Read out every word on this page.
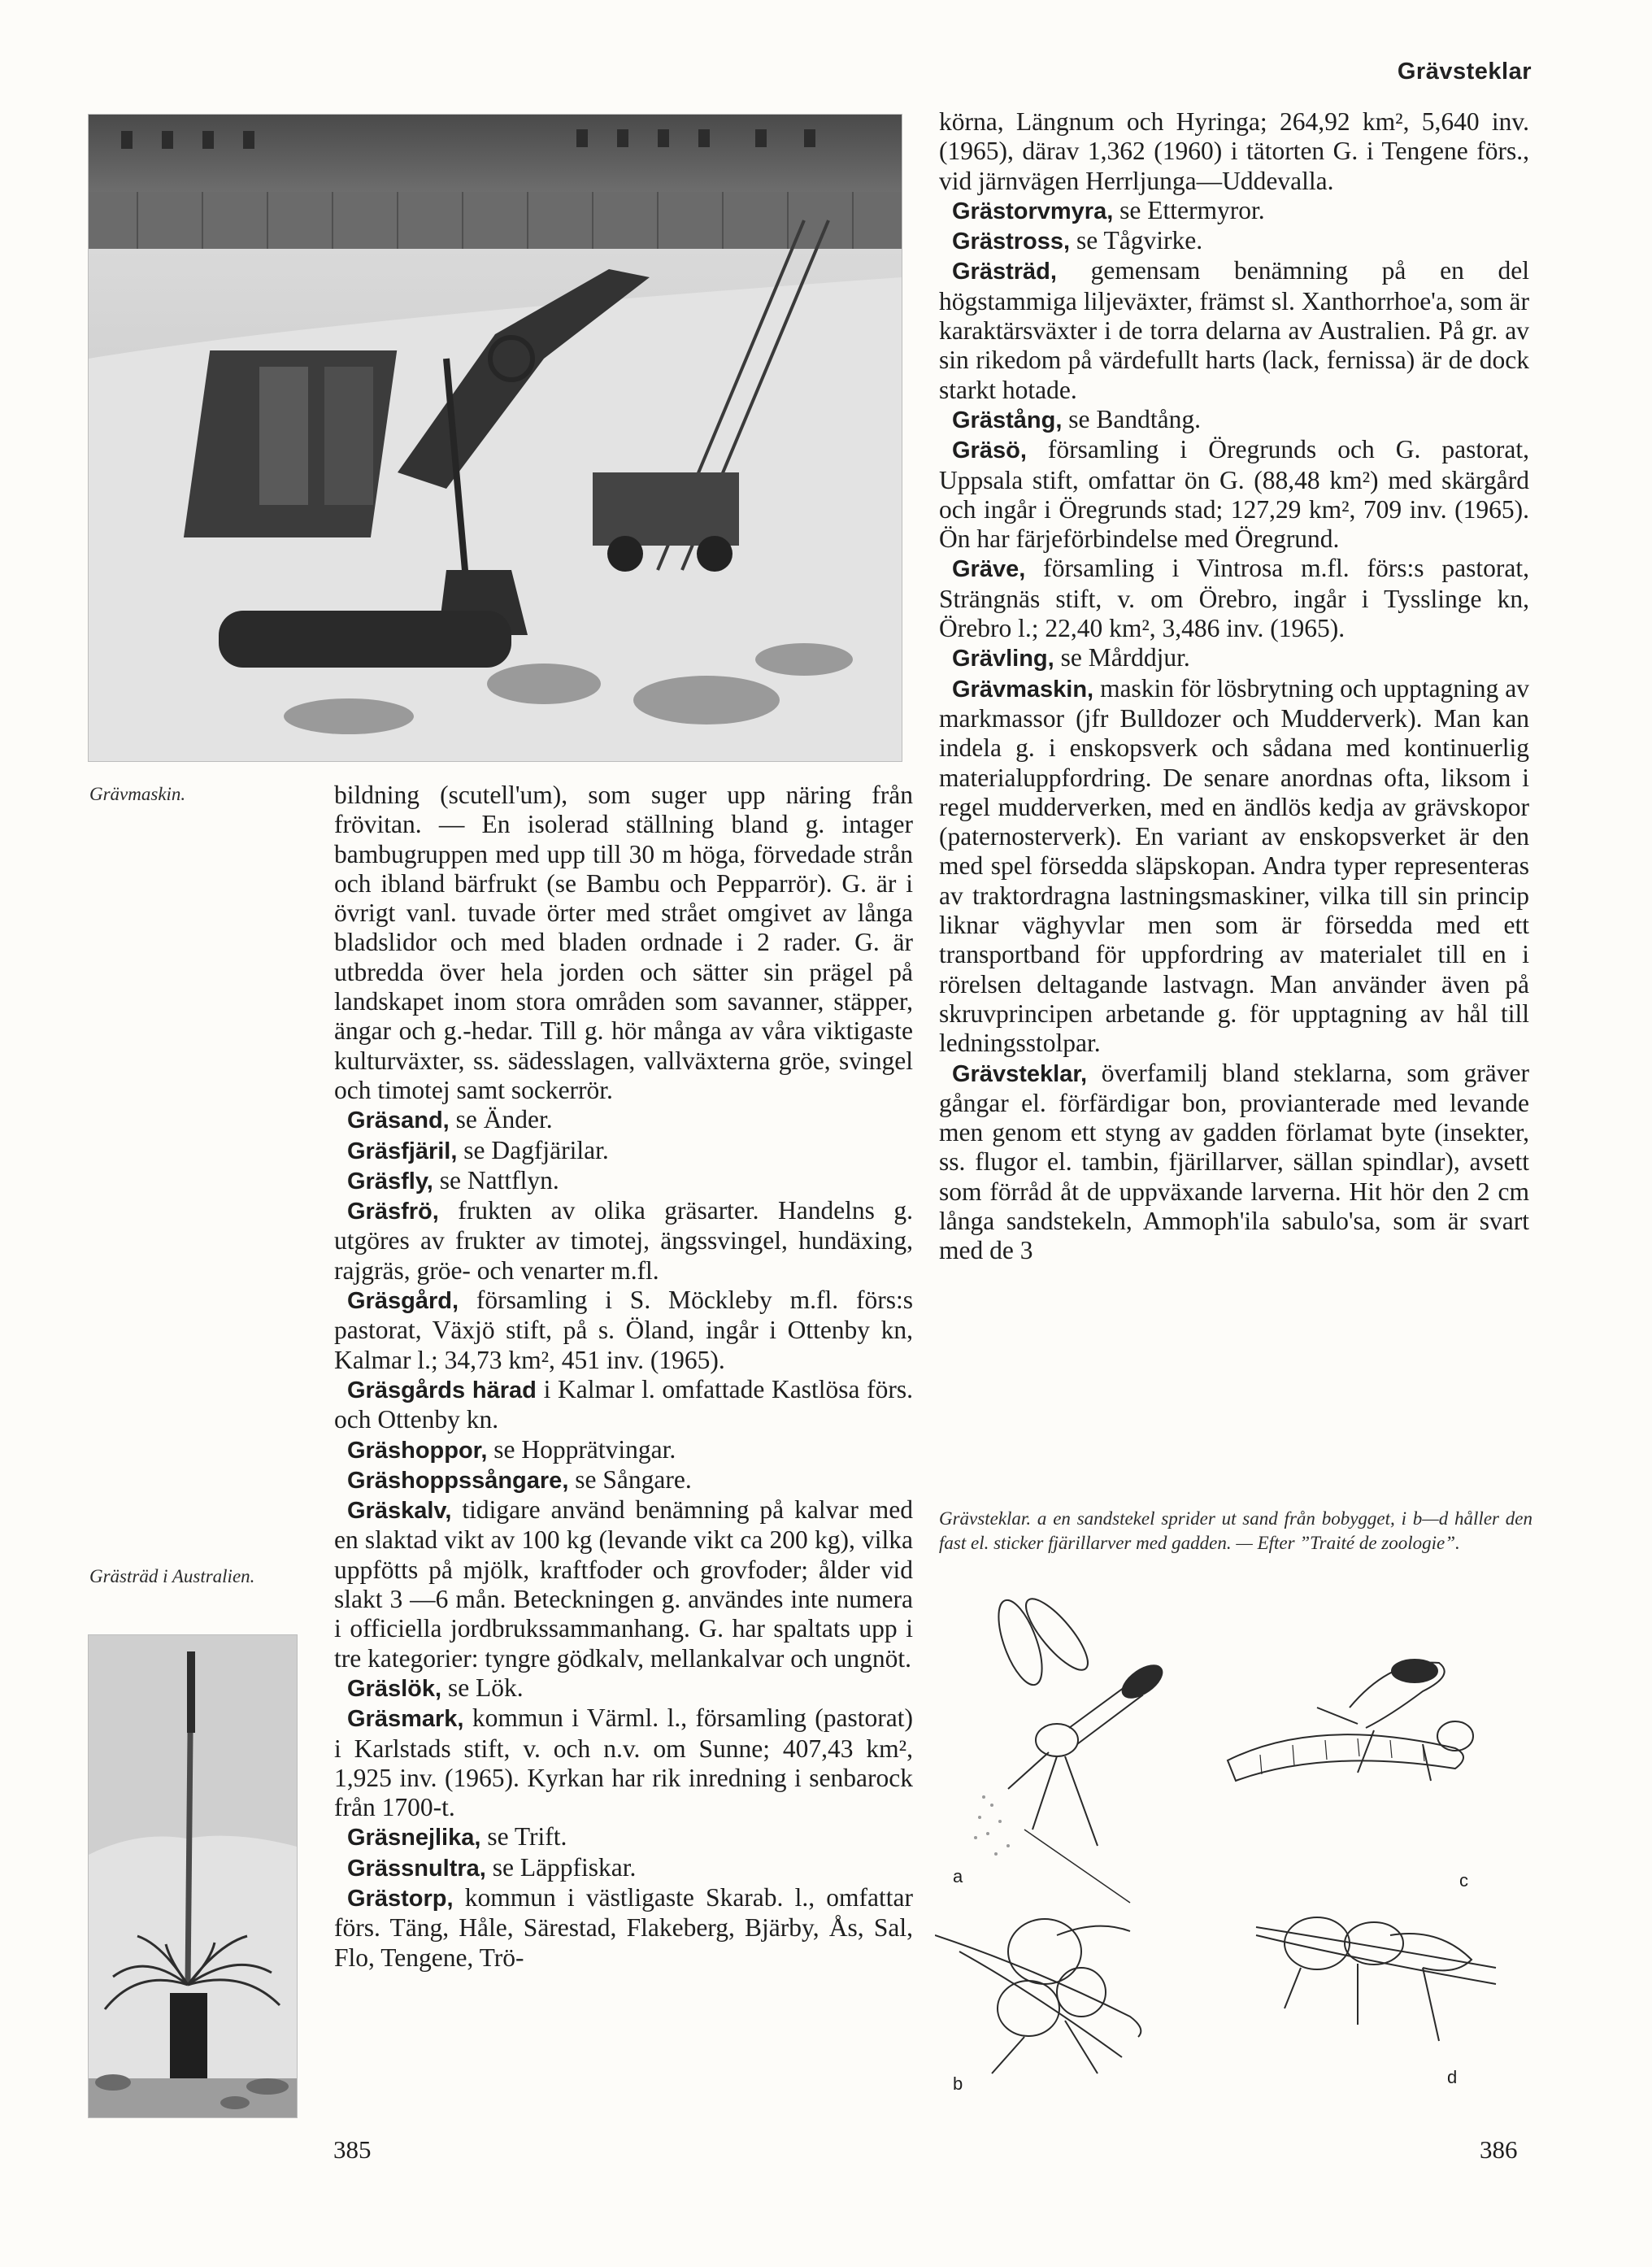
Grävsteklar
Grävmaskin.
Grästräd i Australien.

bildning (scutell'um), som suger upp näring från frövitan. — En isolerad ställning bland g. intager bambugruppen med upp till 30 m höga, förvedade strån och ibland bärfrukt (se Bambu och Pepparrör). G. är i övrigt vanl. tuvade örter med strået omgivet av långa bladslidor och med bladen ordnade i 2 rader. G. är utbredda över hela jorden och sätter sin prägel på landskapet inom stora områden som savanner, stäpper, ängar och g.-hedar. Till g. hör många av våra viktigaste kulturväxter, ss. sädesslagen, vallväxterna gröe, svingel och timotej samt sockerrör.

Gräsand, se Änder.

Gräsfjäril, se Dagfjärilar.

Gräsfly, se Nattflyn.

Gräsfrö, frukten av olika gräsarter. Handelns g. utgöres av frukter av timotej, ängssvingel, hundäxing, rajgräs, gröe- och venarter m.fl.

Gräsgård, församling i S. Möckleby m.fl. förs:s pastorat, Växjö stift, på s. Öland, ingår i Ottenby kn, Kalmar l.; 34,73 km², 451 inv. (1965).

Gräsgårds härad i Kalmar l. omfattade Kastlösa förs. och Ottenby kn.

Gräshoppor, se Hopprätvingar.

Gräshoppssångare, se Sångare.

Gräskalv, tidigare använd benämning på kalvar med en slaktad vikt av 100 kg (levande vikt ca 200 kg), vilka uppfötts på mjölk, kraftfoder och grovfoder; ålder vid slakt 3 —6 mån. Beteckningen g. användes inte numera i officiella jordbrukssammanhang. G. har spaltats upp i tre kategorier: tyngre gödkalv, mellankalvar och ungnöt.

Gräslök, se Lök.

Gräsmark, kommun i Värml. l., församling (pastorat) i Karlstads stift, v. och n.v. om Sunne; 407,43 km², 1,925 inv. (1965). Kyrkan har rik inredning i senbarock från 1700-t.

Gräsnejlika, se Trift.

Grässnultra, se Läppfiskar.

Grästorp, kommun i västligaste Skarab. l., omfattar förs. Täng, Håle, Särestad, Flakeberg, Bjärby, Ås, Sal, Flo, Tengene, Trö-

385

körna, Längnum och Hyringa; 264,92 km², 5,640 inv. (1965), därav 1,362 (1960) i tätorten G. i Tengene förs., vid järnvägen Herrljunga—Uddevalla.

Grästorvmyra, se Ettermyror.

Grästross, se Tågvirke.

Grästräd, gemensam benämning på en del högstammiga liljeväxter, främst sl. Xanthorrhoe'a, som är karaktärsväxter i de torra delarna av Australien. På gr. av sin rikedom på värdefullt harts (lack, fernissa) är de dock starkt hotade.

Grästång, se Bandtång.

Gräsö, församling i Öregrunds och G. pastorat, Uppsala stift, omfattar ön G. (88,48 km²) med skärgård och ingår i Öregrunds stad; 127,29 km², 709 inv. (1965). Ön har färjeförbindelse med Öregrund.

Gräve, församling i Vintrosa m.fl. förs:s pastorat, Strängnäs stift, v. om Örebro, ingår i Tysslinge kn, Örebro l.; 22,40 km², 3,486 inv. (1965).

Grävling, se Mårddjur.

Grävmaskin, maskin för lösbrytning och upptagning av markmassor (jfr Bulldozer och Mudderverk). Man kan indela g. i enskopsverk och sådana med kontinuerlig materialuppfordring. De senare anordnas ofta, liksom i regel mudderverken, med en ändlös kedja av grävskopor (paternosterverk). En variant av enskopsverket är den med spel försedda släpskopan. Andra typer representeras av traktordragna lastningsmaskiner, vilka till sin princip liknar väghyvlar men som är försedda med ett transportband för uppfordring av materialet till en i rörelsen deltagande lastvagn. Man använder även på skruvprincipen arbetande g. för upptagning av hål till ledningsstolpar.

Grävsteklar, överfamilj bland steklarna, som gräver gångar el. förfärdigar bon, provianterade med levande men genom ett styng av gadden förlamat byte (insekter, ss. flugor el. tambin, fjärillarver, sällan spindlar), avsett som förråd åt de uppväxande larverna. Hit hör den 2 cm långa sandstekeln, Ammoph'ila sabulo'sa, som är svart med de 3

Grävsteklar. a en sandstekel sprider ut sand från bobygget, i b—d håller den fast el. sticker fjärillarver med gadden. — Efter ”Traité de zoologie”.
a
b
c
d
386
